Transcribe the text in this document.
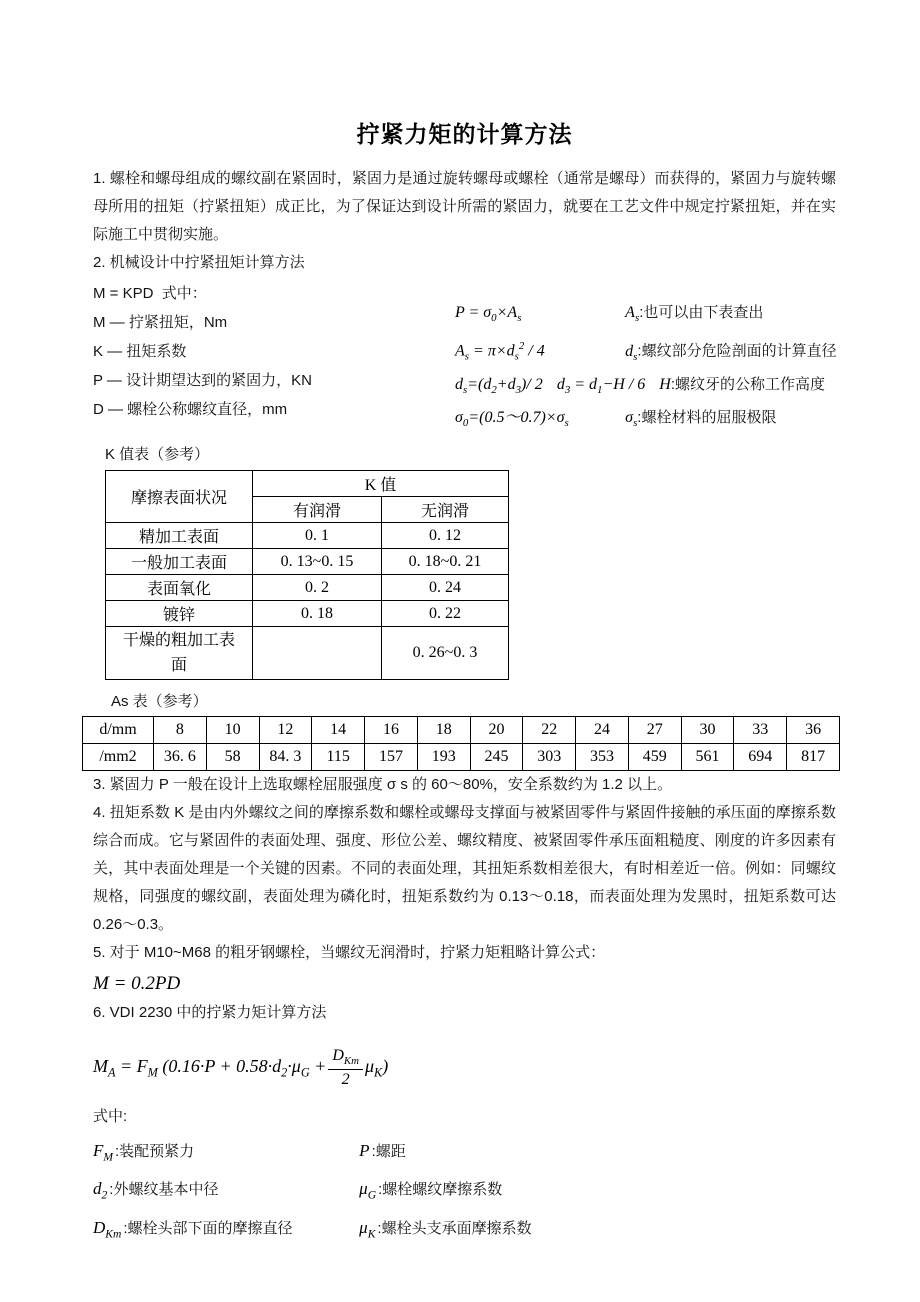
拧紧力矩的计算方法

1. 螺栓和螺母组成的螺纹副在紧固时，紧固力是通过旋转螺母或螺栓（通常是螺母）而获得的，紧固力与旋转螺母所用的扭矩（拧紧扭矩）成正比，为了保证达到设计所需的紧固力，就要在工艺文件中规定拧紧扭矩，并在实际施工中贯彻实施。

2. 机械设计中拧紧扭矩计算方法

M = KPD 式中：

M — 拧紧扭矩，Nm

K — 扭矩系数

P — 设计期望达到的紧固力，KN

D — 螺栓公称螺纹直径，mm

$P = \sigma_0\times A_s$	$A_s$:也可以由下表查出
$A_s = \pi\times d_s^2 / 4$	$d_s$:螺纹部分危险剖面的计算直径
$d_s=(d_2+d_3)/$ 2 $d_3 = d_1-H / 6$ H:螺纹牙的公称工作高度
$\sigma_0=(0.5\sim 0.7)\times\sigma_s$	$\sigma_s$:螺栓材料的屈服极限

K 值表（参考）

摩擦表面状况	K 值	
	有润滑	无润滑
精加工表面	0. 1	0. 12
一般加工表面	0. 13~0. 15	0. 18~0. 21
表面氧化	0. 2	0. 24
镀锌	0. 18	0. 22
干燥的粗加工表面		0. 26~0. 3

As 表（参考）

d/mm	8	10	12	14	16	18	20	22	24	27	30	33	36
/mm2	36. 6	58	84. 3	115	157	193	245	303	353	459	561	694	817

3. 紧固力 P 一般在设计上选取螺栓屈服强度 σ s 的 60～80%，安全系数约为 1.2 以上。

4. 扭矩系数 K 是由内外螺纹之间的摩擦系数和螺栓或螺母支撑面与被紧固零件与紧固件接触的承压面的摩擦系数综合而成。它与紧固件的表面处理、强度、形位公差、螺纹精度、被紧固零件承压面粗糙度、刚度的许多因素有关，其中表面处理是一个关键的因素。不同的表面处理，其扭矩系数相差很大，有时相差近一倍。例如：同螺纹规格，同强度的螺纹副，表面处理为磷化时，扭矩系数约为 0.13～0.18，而表面处理为发黑时，扭矩系数可达 0.26～0.3。

5. 对于 M10~M68 的粗牙钢螺栓，当螺纹无润滑时，拧紧力矩粗略计算公式：

M = 0.2PD

6. VDI 2230 中的拧紧力矩计算方法

$M_A = F_M$ $(0.16\cdot P + 0.58\cdot d_2\cdot\mu_G + \frac{D_{Km}}{2} \mu_K)$

式中:

$F_M$ :装配预紧力	P :螺距
$d_2$ :外螺纹基本中径	$\mu_G$ :螺栓螺纹摩擦系数
$D_{Km}$ :螺栓头部下面的摩擦直径	$\mu_K$ :螺栓头支承面摩擦系数
